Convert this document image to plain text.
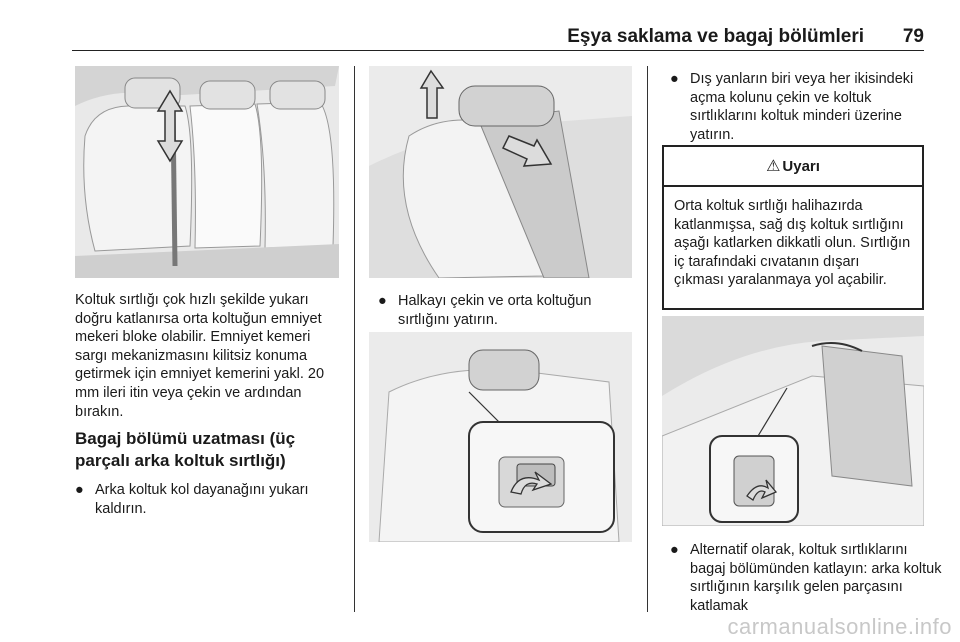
Eşya saklama ve bagaj bölümleri 79

Koltuk sırtlığı çok hızlı şekilde yukarı doğru katlanırsa orta koltuğun emniyet mekeri bloke olabilir. Emniyet kemeri sargı mekanizmasını kilitsiz konuma getirmek için emniyet kemerini yakl. 20 mm ileri itin veya çekin ve ardından bırakın.

Bagaj bölümü uzatması (üç parçalı arka koltuk sırtlığı)

● Arka koltuk kol dayanağını yukarı kaldırın.

● Halkayı çekin ve orta koltuğun sırtlığını yatırın.

● Dış yanların biri veya her ikisindeki açma kolunu çekin ve koltuk sırtlıklarını koltuk minderi üzerine yatırın.

⚠ Uyarı

Orta koltuk sırtlığı halihazırda katlanmışsa, sağ dış koltuk sırtlığını aşağı katlarken dikkatli olun. Sırtlığın iç tarafındaki cıvatanın dışarı çıkması yaralanmaya yol açabilir.

● Alternatif olarak, koltuk sırtlıklarını bagaj bölümünden katlayın: arka koltuk sırtlığının karşılık gelen parçasını katlamak

carmanualsonline.info
